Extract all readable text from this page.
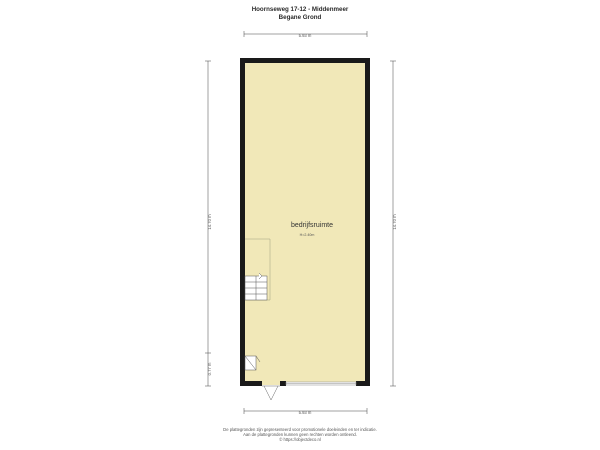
Hoornseweg 17-12 - Middenmeer
Begane Grond
5.93 m
5.93 m
14.70 m
0.77 m
14.70 m
bedrijfsruimte
H=2.40m
De plattegronden zijn gepresenteerd voor promotionele doeleinden en ter indicatie.
Aan de plattegronden kunnen geen rechten worden ontleend.
© https://objectdeco.nl
